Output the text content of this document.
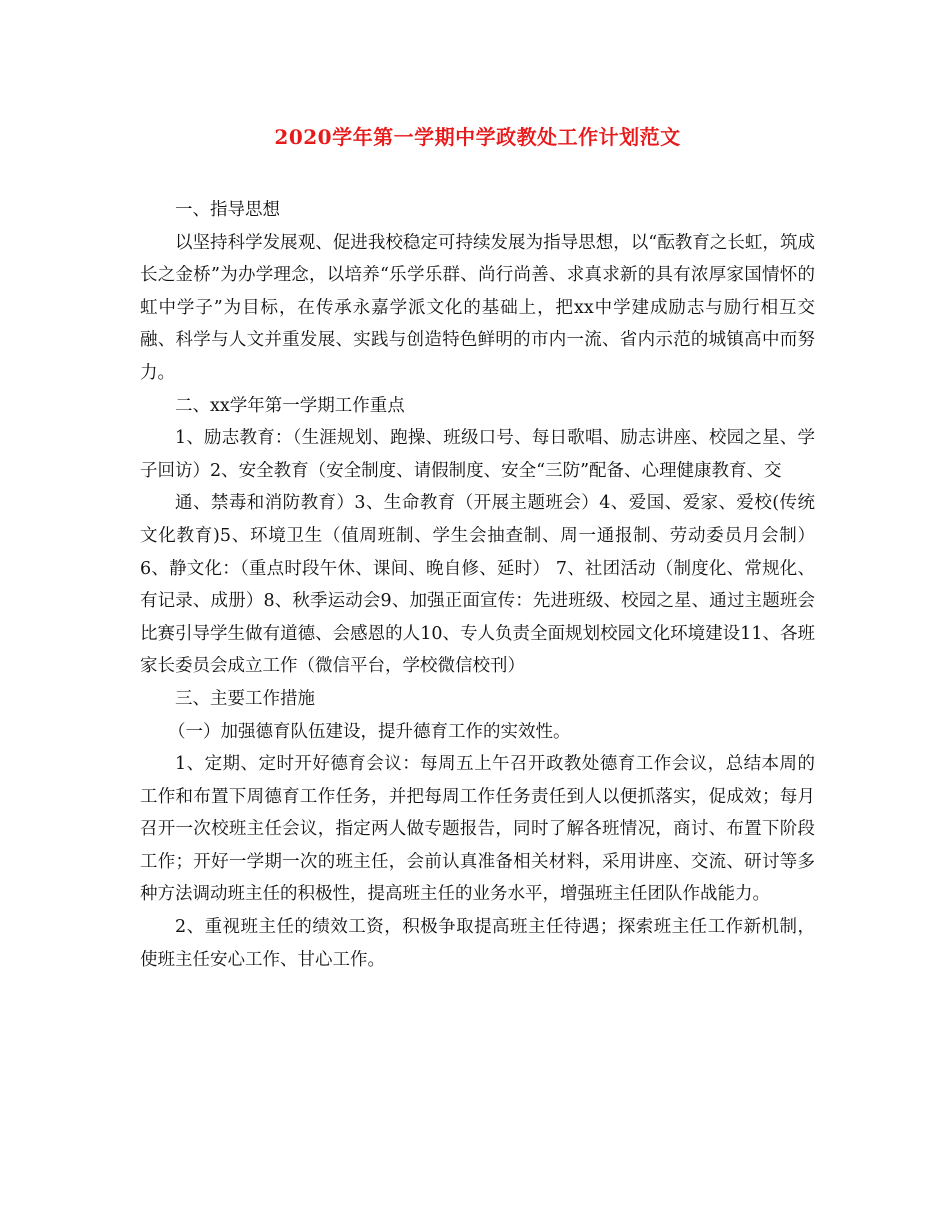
2020学年第一学期中学政教处工作计划范文

一、指导思想

以坚持科学发展观、促进我校稳定可持续发展为指导思想，以“酝教育之长虹，筑成长之金桥”为办学理念，以培养“乐学乐群、尚行尚善、求真求新的具有浓厚家国情怀的虹中学子”为目标，在传承永嘉学派文化的基础上，把xx中学建成励志与励行相互交融、科学与人文并重发展、实践与创造特色鲜明的市内一流、省内示范的城镇高中而努力。

二、xx学年第一学期工作重点

1、励志教育：（生涯规划、跑操、班级口号、每日歌唱、励志讲座、校园之星、学子回访）2、安全教育（安全制度、请假制度、安全“三防”配备、心理健康教育、交

通、禁毒和消防教育）3、生命教育（开展主题班会）4、爱国、爱家、爱校(传统文化教育)5、环境卫生（值周班制、学生会抽查制、周一通报制、劳动委员月会制）6、静文化：（重点时段午休、课间、晚自修、延时） 7、社团活动（制度化、常规化、有记录、成册）8、秋季运动会9、加强正面宣传：先进班级、校园之星、通过主题班会比赛引导学生做有道德、会感恩的人10、专人负责全面规划校园文化环境建设11、各班家长委员会成立工作（微信平台，学校微信校刊）

三、主要工作措施

（一）加强德育队伍建设，提升德育工作的实效性。

1、定期、定时开好德育会议：每周五上午召开政教处德育工作会议，总结本周的工作和布置下周德育工作任务，并把每周工作任务责任到人以便抓落实，促成效；每月召开一次校班主任会议，指定两人做专题报告，同时了解各班情况，商讨、布置下阶段工作；开好一学期一次的班主任，会前认真准备相关材料，采用讲座、交流、研讨等多种方法调动班主任的积极性，提高班主任的业务水平，增强班主任团队作战能力。

2、重视班主任的绩效工资，积极争取提高班主任待遇；探索班主任工作新机制，使班主任安心工作、甘心工作。
